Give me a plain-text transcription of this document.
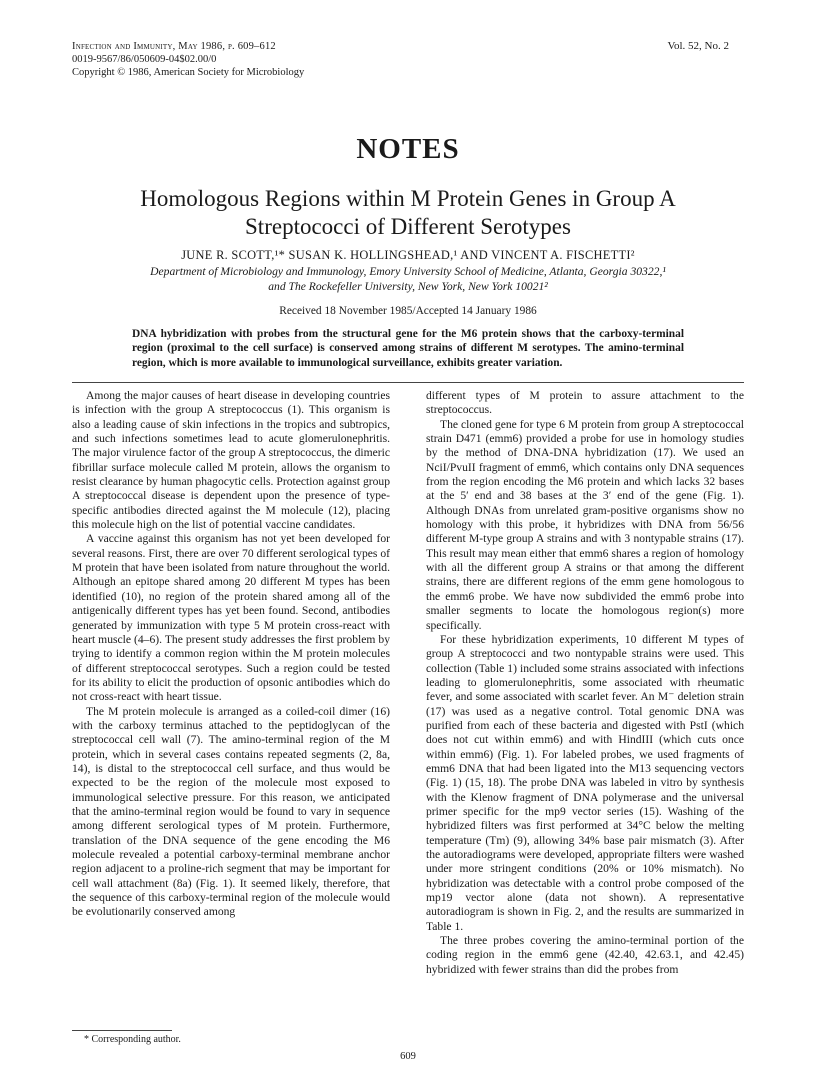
Infection and Immunity, May 1986, p. 609–612
0019-9567/86/050609-04$02.00/0
Copyright © 1986, American Society for Microbiology
Vol. 52, No. 2
NOTES
Homologous Regions within M Protein Genes in Group A Streptococci of Different Serotypes
JUNE R. SCOTT,¹* SUSAN K. HOLLINGSHEAD,¹ AND VINCENT A. FISCHETTI²
Department of Microbiology and Immunology, Emory University School of Medicine, Atlanta, Georgia 30322,¹
and The Rockefeller University, New York, New York 10021²
Received 18 November 1985/Accepted 14 January 1986
DNA hybridization with probes from the structural gene for the M6 protein shows that the carboxy-terminal region (proximal to the cell surface) is conserved among strains of different M serotypes. The amino-terminal region, which is more available to immunological surveillance, exhibits greater variation.

Among the major causes of heart disease in developing countries is infection with the group A streptococcus (1). This organism is also a leading cause of skin infections in the tropics and subtropics, and such infections sometimes lead to acute glomerulonephritis. The major virulence factor of the group A streptococcus, the dimeric fibrillar surface molecule called M protein, allows the organism to resist clearance by human phagocytic cells. Protection against group A streptococcal disease is dependent upon the presence of type-specific antibodies directed against the M molecule (12), placing this molecule high on the list of potential vaccine candidates.

A vaccine against this organism has not yet been developed for several reasons. First, there are over 70 different serological types of M protein that have been isolated from nature throughout the world. Although an epitope shared among 20 different M types has been identified (10), no region of the protein shared among all of the antigenically different types has yet been found. Second, antibodies generated by immunization with type 5 M protein cross-react with heart muscle (4–6). The present study addresses the first problem by trying to identify a common region within the M protein molecules of different streptococcal serotypes. Such a region could be tested for its ability to elicit the production of opsonic antibodies which do not cross-react with heart tissue.

The M protein molecule is arranged as a coiled-coil dimer (16) with the carboxy terminus attached to the peptidoglycan of the streptococcal cell wall (7). The amino-terminal region of the M protein, which in several cases contains repeated segments (2, 8a, 14), is distal to the streptococcal cell surface, and thus would be expected to be the region of the molecule most exposed to immunological selective pressure. For this reason, we anticipated that the amino-terminal region would be found to vary in sequence among different serological types of M protein. Furthermore, translation of the DNA sequence of the gene encoding the M6 molecule revealed a potential carboxy-terminal membrane anchor region adjacent to a proline-rich segment that may be important for cell wall attachment (8a) (Fig. 1). It seemed likely, therefore, that the sequence of this carboxy-terminal region of the molecule would be evolutionarily conserved among

different types of M protein to assure attachment to the streptococcus.

The cloned gene for type 6 M protein from group A streptococcal strain D471 (emm6) provided a probe for use in homology studies by the method of DNA-DNA hybridization (17). We used an NciI/PvuII fragment of emm6, which contains only DNA sequences from the region encoding the M6 protein and which lacks 32 bases at the 5′ end and 38 bases at the 3′ end of the gene (Fig. 1). Although DNAs from unrelated gram-positive organisms show no homology with this probe, it hybridizes with DNA from 56/56 different M-type group A strains and with 3 nontypable strains (17). This result may mean either that emm6 shares a region of homology with all the different group A strains or that among the different strains, there are different regions of the emm gene homologous to the emm6 probe. We have now subdivided the emm6 probe into smaller segments to locate the homologous region(s) more specifically.

For these hybridization experiments, 10 different M types of group A streptococci and two nontypable strains were used. This collection (Table 1) included some strains associated with infections leading to glomerulonephritis, some associated with rheumatic fever, and some associated with scarlet fever. An M⁻ deletion strain (17) was used as a negative control. Total genomic DNA was purified from each of these bacteria and digested with PstI (which does not cut within emm6) and with HindIII (which cuts once within emm6) (Fig. 1). For labeled probes, we used fragments of emm6 DNA that had been ligated into the M13 sequencing vectors (Fig. 1) (15, 18). The probe DNA was labeled in vitro by synthesis with the Klenow fragment of DNA polymerase and the universal primer specific for the mp9 vector series (15). Washing of the hybridized filters was first performed at 34°C below the melting temperature (Tm) (9), allowing 34% base pair mismatch (3). After the autoradiograms were developed, appropriate filters were washed under more stringent conditions (20% or 10% mismatch). No hybridization was detectable with a control probe composed of the mp19 vector alone (data not shown). A representative autoradiogram is shown in Fig. 2, and the results are summarized in Table 1.

The three probes covering the amino-terminal portion of the coding region in the emm6 gene (42.40, 42.63.1, and 42.45) hybridized with fewer strains than did the probes from

* Corresponding author.
609
